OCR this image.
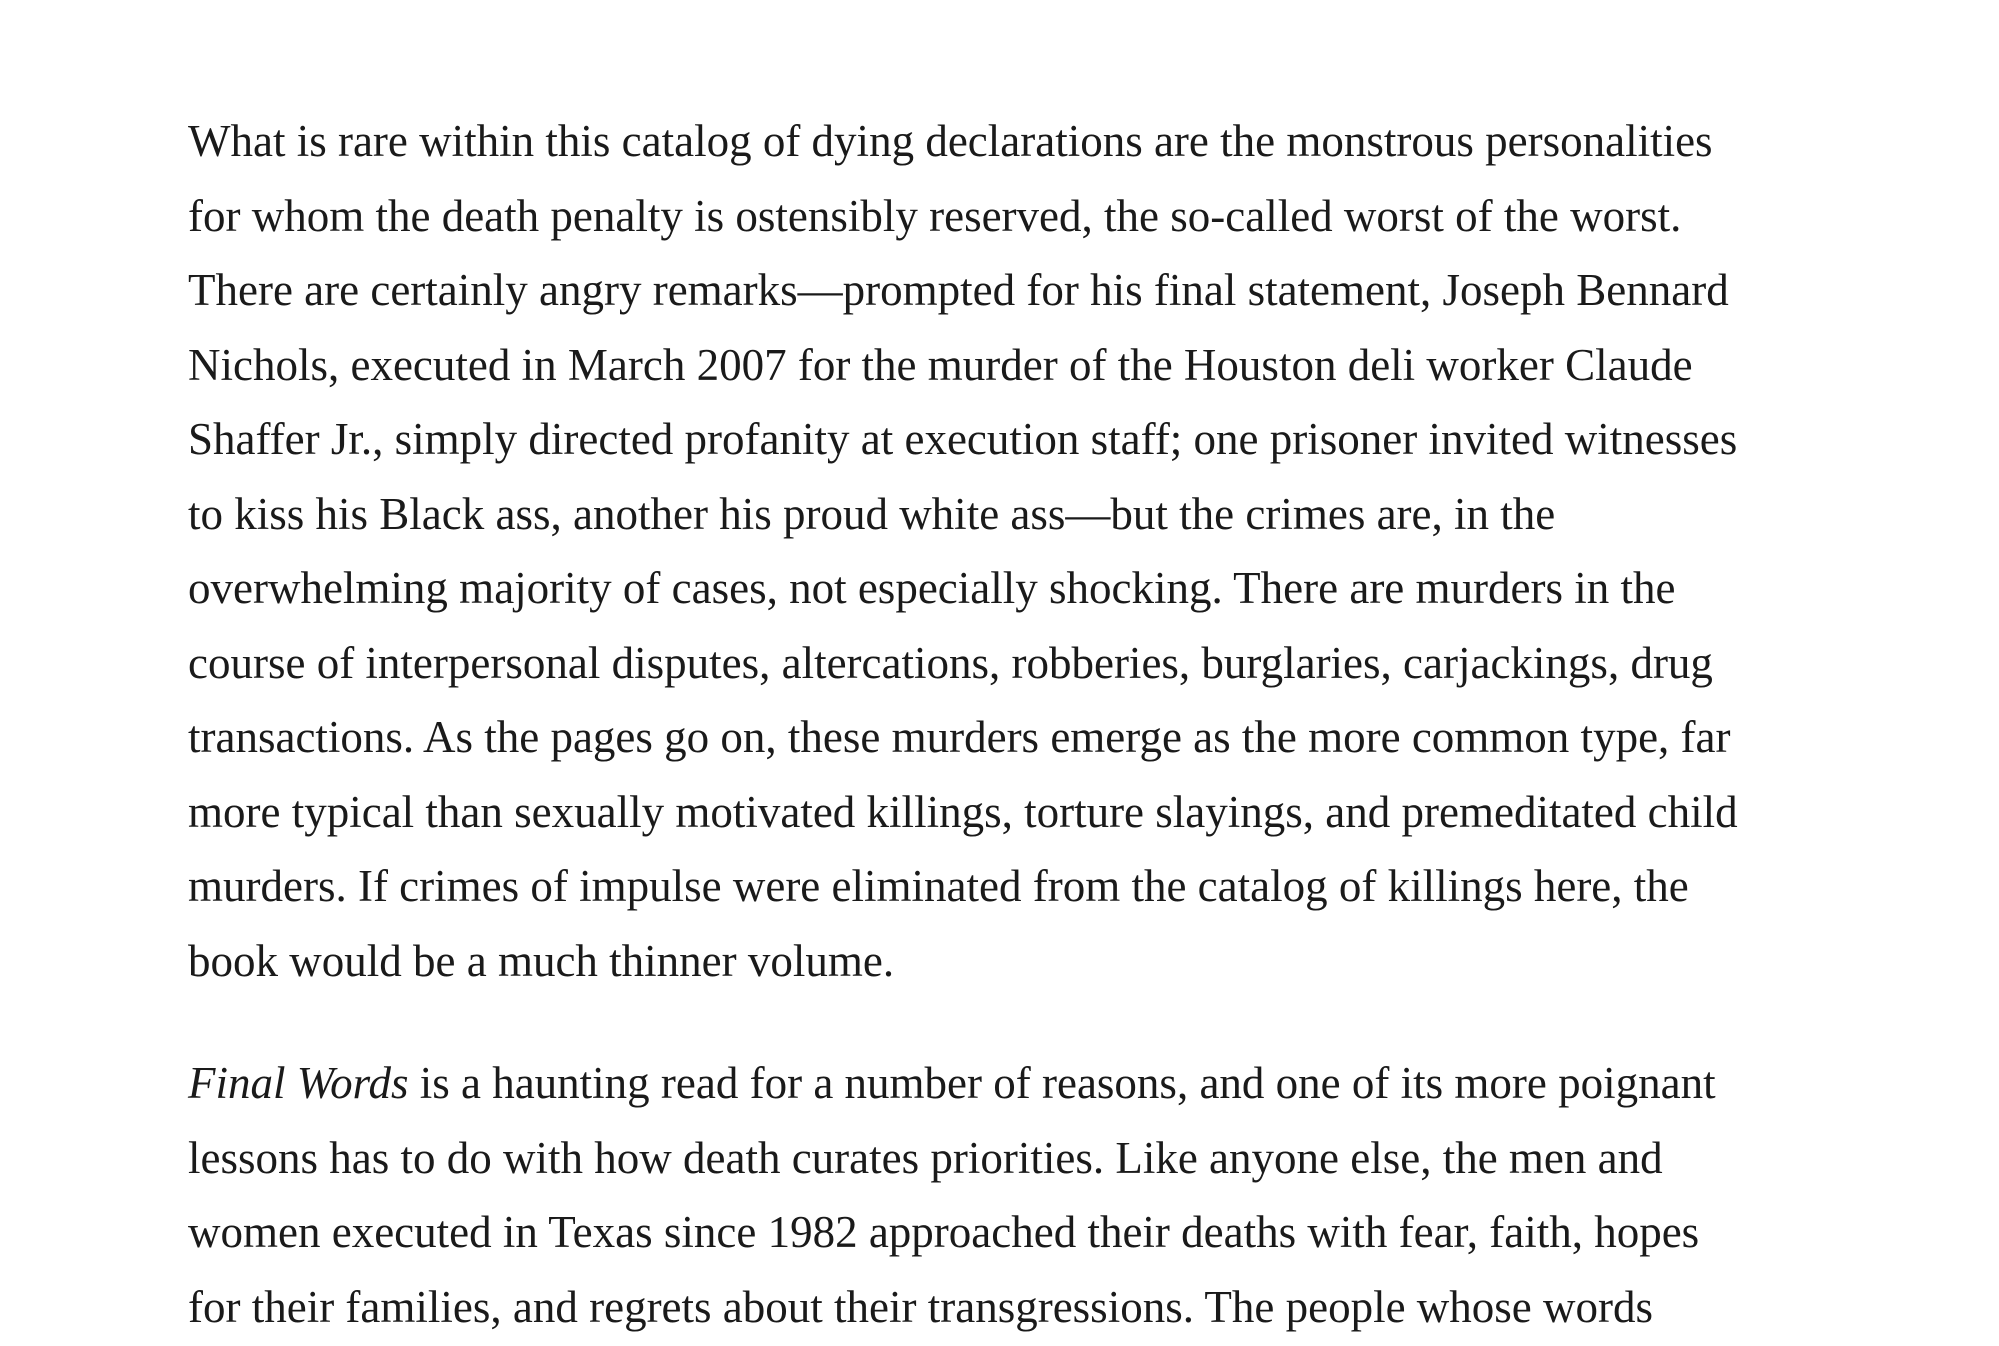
What is rare within this catalog of dying declarations are the monstrous personalities
for whom the death penalty is ostensibly reserved, the so-called worst of the worst.
There are certainly angry remarks—prompted for his final statement, Joseph Bennard
Nichols, executed in March 2007 for the murder of the Houston deli worker Claude
Shaffer Jr., simply directed profanity at execution staff; one prisoner invited witnesses
to kiss his Black ass, another his proud white ass—but the crimes are, in the
overwhelming majority of cases, not especially shocking. There are murders in the
course of interpersonal disputes, altercations, robberies, burglaries, carjackings, drug
transactions. As the pages go on, these murders emerge as the more common type, far
more typical than sexually motivated killings, torture slayings, and premeditated child
murders. If crimes of impulse were eliminated from the catalog of killings here, the
book would be a much thinner volume.
Final Words is a haunting read for a number of reasons, and one of its more poignant
lessons has to do with how death curates priorities. Like anyone else, the men and
women executed in Texas since 1982 approached their deaths with fear, faith, hopes
for their families, and regrets about their transgressions. The people whose words
